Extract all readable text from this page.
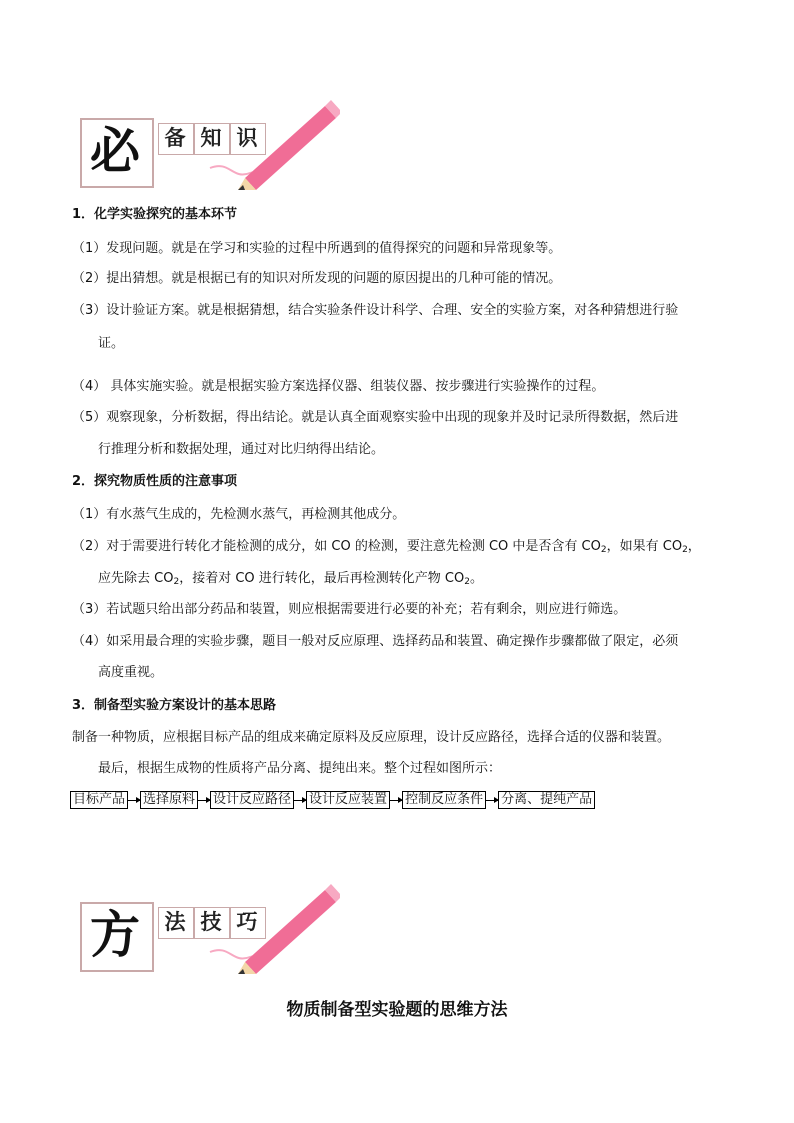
必	备 知 识
1．化学实验探究的基本环节
（1）发现问题。就是在学习和实验的过程中所遇到的值得探究的问题和异常现象等。
（2）提出猜想。就是根据已有的知识对所发现的问题的原因提出的几种可能的情况。
（3）设计验证方案。就是根据猜想，结合实验条件设计科学、合理、安全的实验方案，对各种猜想进行验
证。
（4） 具体实施实验。就是根据实验方案选择仪器、组装仪器、按步骤进行实验操作的过程。
（5）观察现象，分析数据，得出结论。就是认真全面观察实验中出现的现象并及时记录所得数据，然后进
行推理分析和数据处理，通过对比归纳得出结论。
2．探究物质性质的注意事项
（1）有水蒸气生成的，先检测水蒸气，再检测其他成分。
（2）对于需要进行转化才能检测的成分，如 CO 的检测，要注意先检测 CO 中是否含有 $CO_2$，如果有 $CO_2$，
应先除去 $CO_2$，接着对 CO 进行转化，最后再检测转化产物 $CO_2$。
（3）若试题只给出部分药品和装置，则应根据需要进行必要的补充；若有剩余，则应进行筛选。
（4）如采用最合理的实验步骤，题目一般对反应原理、选择药品和装置、确定操作步骤都做了限定，必须
高度重视。
3．制备型实验方案设计的基本思路
制备一种物质，应根据目标产品的组成来确定原料及反应原理，设计反应路径，选择合适的仪器和装置。
最后，根据生成物的性质将产品分离、提纯出来。整个过程如图所示：
目标产品 选择原料 设计反应路径 设计反应装置 控制反应条件 分离、提纯产品
方	法 技 巧
物质制备型实验题的思维方法
